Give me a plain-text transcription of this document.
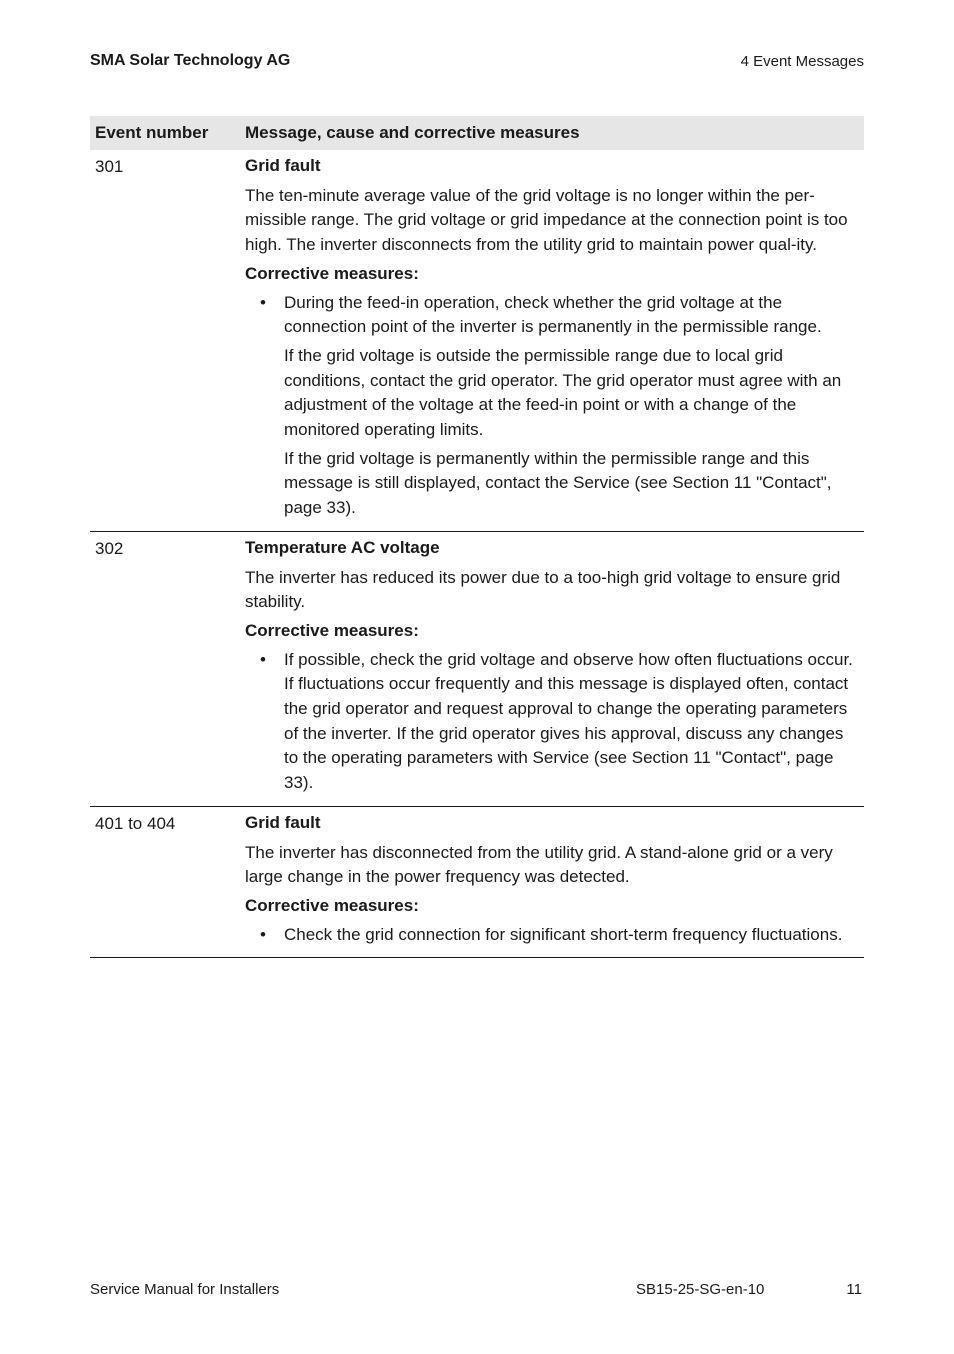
SMA Solar Technology AG	4 Event Messages
Event number	Message, cause and corrective measures
301	Grid fault
The ten-minute average value of the grid voltage is no longer within the per-missible range. The grid voltage or grid impedance at the connection point is too high. The inverter disconnects from the utility grid to maintain power qual-ity.
Corrective measures:
•	During the feed-in operation, check whether the grid voltage at the connection point of the inverter is permanently in the permissible range.
If the grid voltage is outside the permissible range due to local grid conditions, contact the grid operator. The grid operator must agree with an adjustment of the voltage at the feed-in point or with a change of the monitored operating limits.
If the grid voltage is permanently within the permissible range and this message is still displayed, contact the Service (see Section 11 "Contact", page 33).
302	Temperature AC voltage
The inverter has reduced its power due to a too-high grid voltage to ensure grid stability.
Corrective measures:
•	If possible, check the grid voltage and observe how often fluctuations occur. If fluctuations occur frequently and this message is displayed often, contact the grid operator and request approval to change the operating parameters of the inverter. If the grid operator gives his approval, discuss any changes to the operating parameters with Service (see Section 11 "Contact", page 33).
401 to 404	Grid fault
The inverter has disconnected from the utility grid. A stand-alone grid or a very large change in the power frequency was detected.
Corrective measures:
•	Check the grid connection for significant short-term frequency fluctuations.
Service Manual for Installers	SB15-25-SG-en-10	11
